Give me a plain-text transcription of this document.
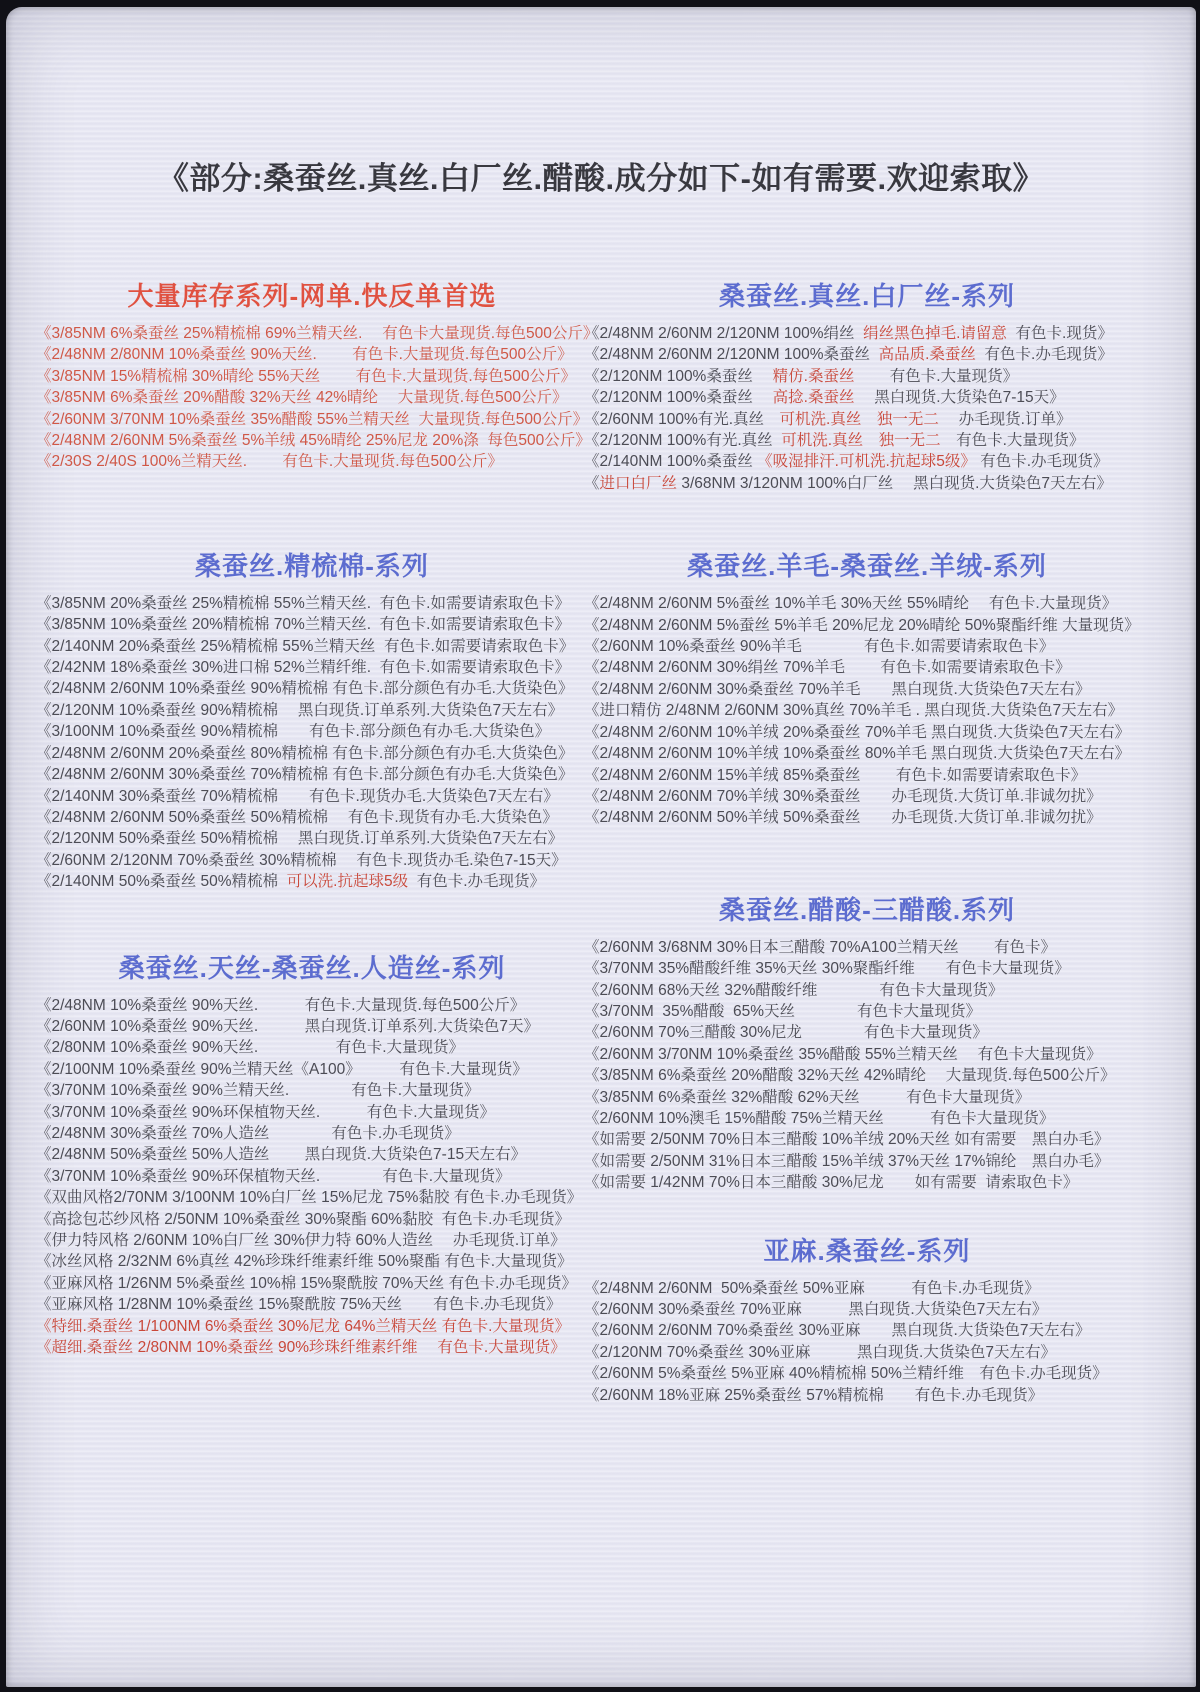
《部分:桑蚕丝.真丝.白厂丝.醋酸.成分如下-如有需要.欢迎索取》
大量库存系列-网单.快反单首选
《3/85NM 6%桑蚕丝 25%精梳棉 69%兰精天丝.　 有色卡大量现货.每色500公斤》
《2/48NM 2/80NM 10%桑蚕丝 90%天丝.　　 有色卡.大量现货.每色500公斤》
《3/85NM 15%精梳棉 30%晴纶 55%天丝　　 有色卡.大量现货.每色500公斤》
《3/85NM 6%桑蚕丝 20%醋酸 32%天丝 42%晴纶　 大量现货.每色500公斤》
《2/60NM 3/70NM 10%桑蚕丝 35%醋酸 55%兰精天丝  大量现货.每色500公斤》
《2/48NM 2/60NM 5%桑蚕丝 5%羊绒 45%晴纶 25%尼龙 20%涤  每色500公斤》
《2/30S 2/40S 100%兰精天丝.　　 有色卡.大量现货.每色500公斤》
桑蚕丝.精梳棉-系列
《3/85NM 20%桑蚕丝 25%精梳棉 55%兰精天丝.  有色卡.如需要请索取色卡》
《3/85NM 10%桑蚕丝 20%精梳棉 70%兰精天丝.  有色卡.如需要请索取色卡》
《2/140NM 20%桑蚕丝 25%精梳棉 55%兰精天丝  有色卡.如需要请索取色卡》
《2/42NM 18%桑蚕丝 30%进口棉 52%兰精纤维.  有色卡.如需要请索取色卡》
《2/48NM 2/60NM 10%桑蚕丝 90%精梳棉 有色卡.部分颜色有办毛.大货染色》
《2/120NM 10%桑蚕丝 90%精梳棉　 黑白现货.订单系列.大货染色7天左右》
《3/100NM 10%桑蚕丝 90%精梳棉　　有色卡.部分颜色有办毛.大货染色》
《2/48NM 2/60NM 20%桑蚕丝 80%精梳棉 有色卡.部分颜色有办毛.大货染色》
《2/48NM 2/60NM 30%桑蚕丝 70%精梳棉 有色卡.部分颜色有办毛.大货染色》
《2/140NM 30%桑蚕丝 70%精梳棉　　有色卡.现货办毛.大货染色7天左右》
《2/48NM 2/60NM 50%桑蚕丝 50%精梳棉　 有色卡.现货有办毛.大货染色》
《2/120NM 50%桑蚕丝 50%精梳棉　 黑白现货.订单系列.大货染色7天左右》
《2/60NM 2/120NM 70%桑蚕丝 30%精梳棉　 有色卡.现货办毛.染色7-15天》
《2/140NM 50%桑蚕丝 50%精梳棉  可以洗.抗起球5级  有色卡.办毛现货》
桑蚕丝.天丝-桑蚕丝.人造丝-系列
《2/48NM 10%桑蚕丝 90%天丝.　　　有色卡.大量现货.每色500公斤》
《2/60NM 10%桑蚕丝 90%天丝.　　　黑白现货.订单系列.大货染色7天》
《2/80NM 10%桑蚕丝 90%天丝.　　　　　有色卡.大量现货》
《2/100NM 10%桑蚕丝 90%兰精天丝《A100》　　　有色卡.大量现货》
《3/70NM 10%桑蚕丝 90%兰精天丝.　　　　有色卡.大量现货》
《3/70NM 10%桑蚕丝 90%环保植物天丝.　　　有色卡.大量现货》
《2/48NM 30%桑蚕丝 70%人造丝　　　　有色卡.办毛现货》
《2/48NM 50%桑蚕丝 50%人造丝　　 黑白现货.大货染色7-15天左右》
《3/70NM 10%桑蚕丝 90%环保植物天丝.　　　　有色卡.大量现货》
《双曲风格2/70NM 3/100NM 10%白厂丝 15%尼龙 75%黏胶 有色卡.办毛现货》
《高捻包芯纱风格 2/50NM 10%桑蚕丝 30%聚酯 60%黏胶  有色卡.办毛现货》
《伊力特风格 2/60NM 10%白厂丝 30%伊力特 60%人造丝　 办毛现货.订单》
《冰丝风格 2/32NM 6%真丝 42%珍珠纤维素纤维 50%聚酯 有色卡.大量现货》
《亚麻风格 1/26NM 5%桑蚕丝 10%棉 15%聚酰胺 70%天丝 有色卡.办毛现货》
《亚麻风格 1/28NM 10%桑蚕丝 15%聚酰胺 75%天丝　　有色卡.办毛现货》
《特细.桑蚕丝 1/100NM 6%桑蚕丝 30%尼龙 64%兰精天丝 有色卡.大量现货》
《超细.桑蚕丝 2/80NM 10%桑蚕丝 90%珍珠纤维素纤维　 有色卡.大量现货》
桑蚕丝.真丝.白厂丝-系列
《2/48NM 2/60NM 2/120NM 100%绢丝  绢丝黑色掉毛.请留意  有色卡.现货》
《2/48NM 2/60NM 2/120NM 100%桑蚕丝  高品质.桑蚕丝  有色卡.办毛现货》
《2/120NM 100%桑蚕丝　 精仿.桑蚕丝　　 有色卡.大量现货》
《2/120NM 100%桑蚕丝　 高捻.桑蚕丝　 黑白现货.大货染色7-15天》
《2/60NM 100%有光.真丝　可机洗.真丝　独一无二　 办毛现货.订单》
《2/120NM 100%有光.真丝  可机洗.真丝　独一无二　有色卡.大量现货》
《2/140NM 100%桑蚕丝 《吸湿排汗.可机洗.抗起球5级》 有色卡.办毛现货》
《进口白厂丝 3/68NM 3/120NM 100%白厂丝　 黑白现货.大货染色7天左右》
桑蚕丝.羊毛-桑蚕丝.羊绒-系列
《2/48NM 2/60NM 5%蚕丝 10%羊毛 30%天丝 55%晴纶　 有色卡.大量现货》
《2/48NM 2/60NM 5%蚕丝 5%羊毛 20%尼龙 20%晴纶 50%聚酯纤维 大量现货》
《2/60NM 10%桑蚕丝 90%羊毛　　　　有色卡.如需要请索取色卡》
《2/48NM 2/60NM 30%绢丝 70%羊毛　　 有色卡.如需要请索取色卡》
《2/48NM 2/60NM 30%桑蚕丝 70%羊毛　　黑白现货.大货染色7天左右》
《进口精仿 2/48NM 2/60NM 30%真丝 70%羊毛 . 黑白现货.大货染色7天左右》
《2/48NM 2/60NM 10%羊绒 20%桑蚕丝 70%羊毛 黑白现货.大货染色7天左右》
《2/48NM 2/60NM 10%羊绒 10%桑蚕丝 80%羊毛 黑白现货.大货染色7天左右》
《2/48NM 2/60NM 15%羊绒 85%桑蚕丝　　 有色卡.如需要请索取色卡》
《2/48NM 2/60NM 70%羊绒 30%桑蚕丝　　办毛现货.大货订单.非诚勿扰》
《2/48NM 2/60NM 50%羊绒 50%桑蚕丝　　办毛现货.大货订单.非诚勿扰》
桑蚕丝.醋酸-三醋酸.系列
《2/60NM 3/68NM 30%日本三醋酸 70%A100兰精天丝　　 有色卡》
《3/70NM 35%醋酸纤维 35%天丝 30%聚酯纤维　　有色卡大量现货》
《2/60NM 68%天丝 32%醋酸纤维　　　　有色卡大量现货》
《3/70NM  35%醋酸  65%天丝　　　　有色卡大量现货》
《2/60NM 70%三醋酸 30%尼龙　　　　有色卡大量现货》
《2/60NM 3/70NM 10%桑蚕丝 35%醋酸 55%兰精天丝　 有色卡大量现货》
《3/85NM 6%桑蚕丝 20%醋酸 32%天丝 42%晴纶　 大量现货.每色500公斤》
《3/85NM 6%桑蚕丝 32%醋酸 62%天丝　　　有色卡大量现货》
《2/60NM 10%澳毛 15%醋酸 75%兰精天丝　　　有色卡大量现货》
《如需要 2/50NM 70%日本三醋酸 10%羊绒 20%天丝 如有需要　黑白办毛》
《如需要 2/50NM 31%日本三醋酸 15%羊绒 37%天丝 17%锦纶　黑白办毛》
《如需要 1/42NM 70%日本三醋酸 30%尼龙　　如有需要  请索取色卡》
亚麻.桑蚕丝-系列
《2/48NM 2/60NM  50%桑蚕丝 50%亚麻　　　有色卡.办毛现货》
《2/60NM 30%桑蚕丝 70%亚麻　　　黑白现货.大货染色7天左右》
《2/60NM 2/60NM 70%桑蚕丝 30%亚麻　　黑白现货.大货染色7天左右》
《2/120NM 70%桑蚕丝 30%亚麻　　　黑白现货.大货染色7天左右》
《2/60NM 5%桑蚕丝 5%亚麻 40%精梳棉 50%兰精纤维　有色卡.办毛现货》
《2/60NM 18%亚麻 25%桑蚕丝 57%精梳棉　　有色卡.办毛现货》
